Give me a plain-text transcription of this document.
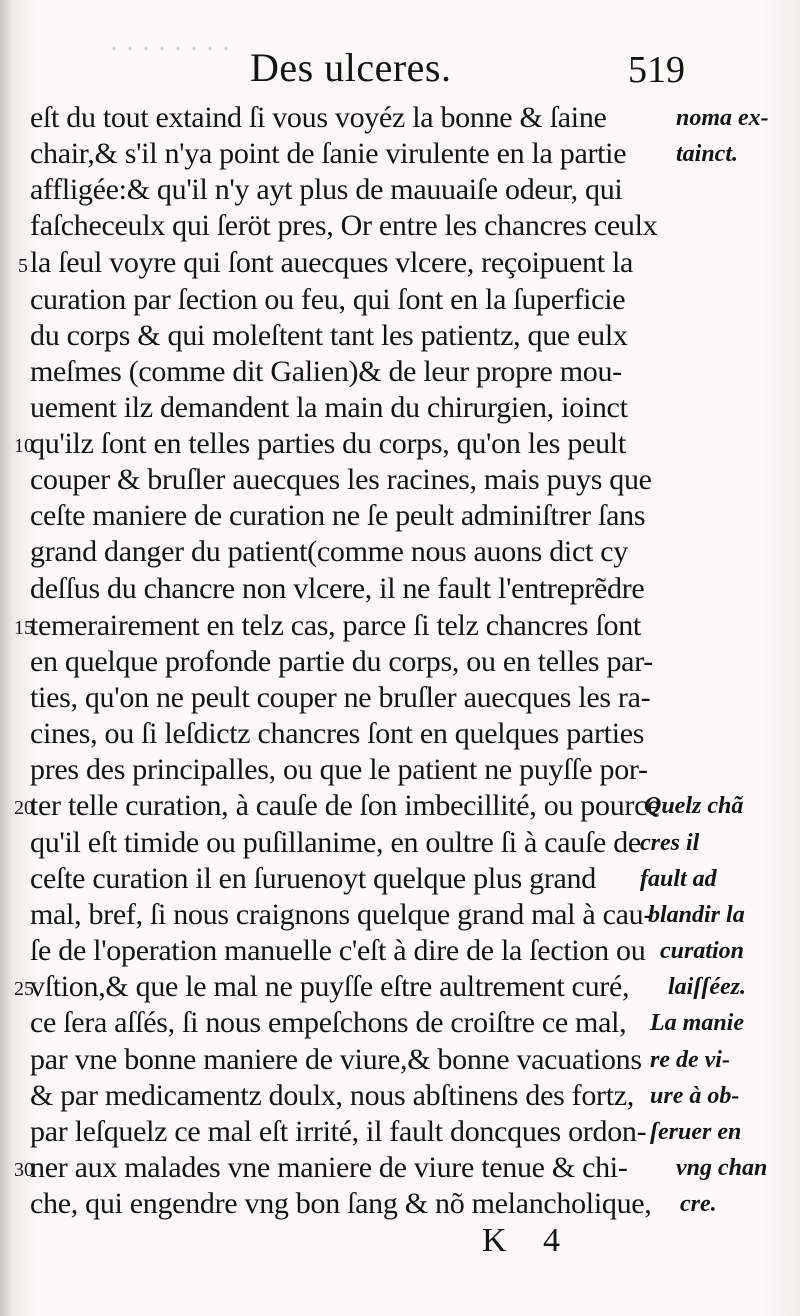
· · · · · · · · Des ulceres.	519
eſt du tout extaind ſi vous voyéz la bonne & ſaine
chair,& s'il n'ya point de ſanie virulente en la partie
affligée:& qu'il n'y ayt plus de mauuaiſe odeur, qui
faſcheceulx qui ſeröt pres, Or entre les chancres ceulx
la ſeul voyre qui ſont auecques vlcere, reçoipuent la
curation par ſection ou feu, qui ſont en la ſuperficie
du corps & qui moleſtent tant les patientz, que eulx
meſmes (comme dit Galien)& de leur propre mou-
uement ilz demandent la main du chirurgien, ioinct
qu'ilz ſont en telles parties du corps, qu'on les peult
couper & bruſler auecques les racines, mais puys que
ceſte maniere de curation ne ſe peult adminiſtrer ſans
grand danger du patient(comme nous auons dict cy
deſſus du chancre non vlcere, il ne fault l'entreprẽdre
temerairement en telz cas, parce ſi telz chancres ſont
en quelque profonde partie du corps, ou en telles par-
ties, qu'on ne peult couper ne bruſler auecques les ra-
cines, ou ſi leſdictz chancres ſont en quelques parties
pres des principalles, ou que le patient ne puyſſe por-
ter telle curation, à cauſe de ſon imbecillité, ou pource
qu'il eſt timide ou puſillanime, en oultre ſi à cauſe de
ceſte curation il en ſuruenoyt quelque plus grand
mal, bref, ſi nous craignons quelque grand mal à cau-
ſe de l'operation manuelle c'eſt à dire de la ſection ou
vſtion,& que le mal ne puyſſe eſtre aultrement curé,
ce ſera aſſés, ſi nous empeſchons de croiſtre ce mal,
par vne bonne maniere de viure,& bonne vacuations
& par medicamentz doulx, nous abſtinens des fortz,
par leſquelz ce mal eſt irrité, il fault doncques ordon-
ner aux malades vne maniere de viure tenue & chi-
che, qui engendre vng bon ſang & nõ melancholique,
5
10
15
20
25
30
noma ex-
tainct.
Quelz chã
cres il
fault ad
blandir la
curation
laiſſéez.
La manie
re de vi-
ure à ob-
ſeruer en
vng chan
cre.
K 4
